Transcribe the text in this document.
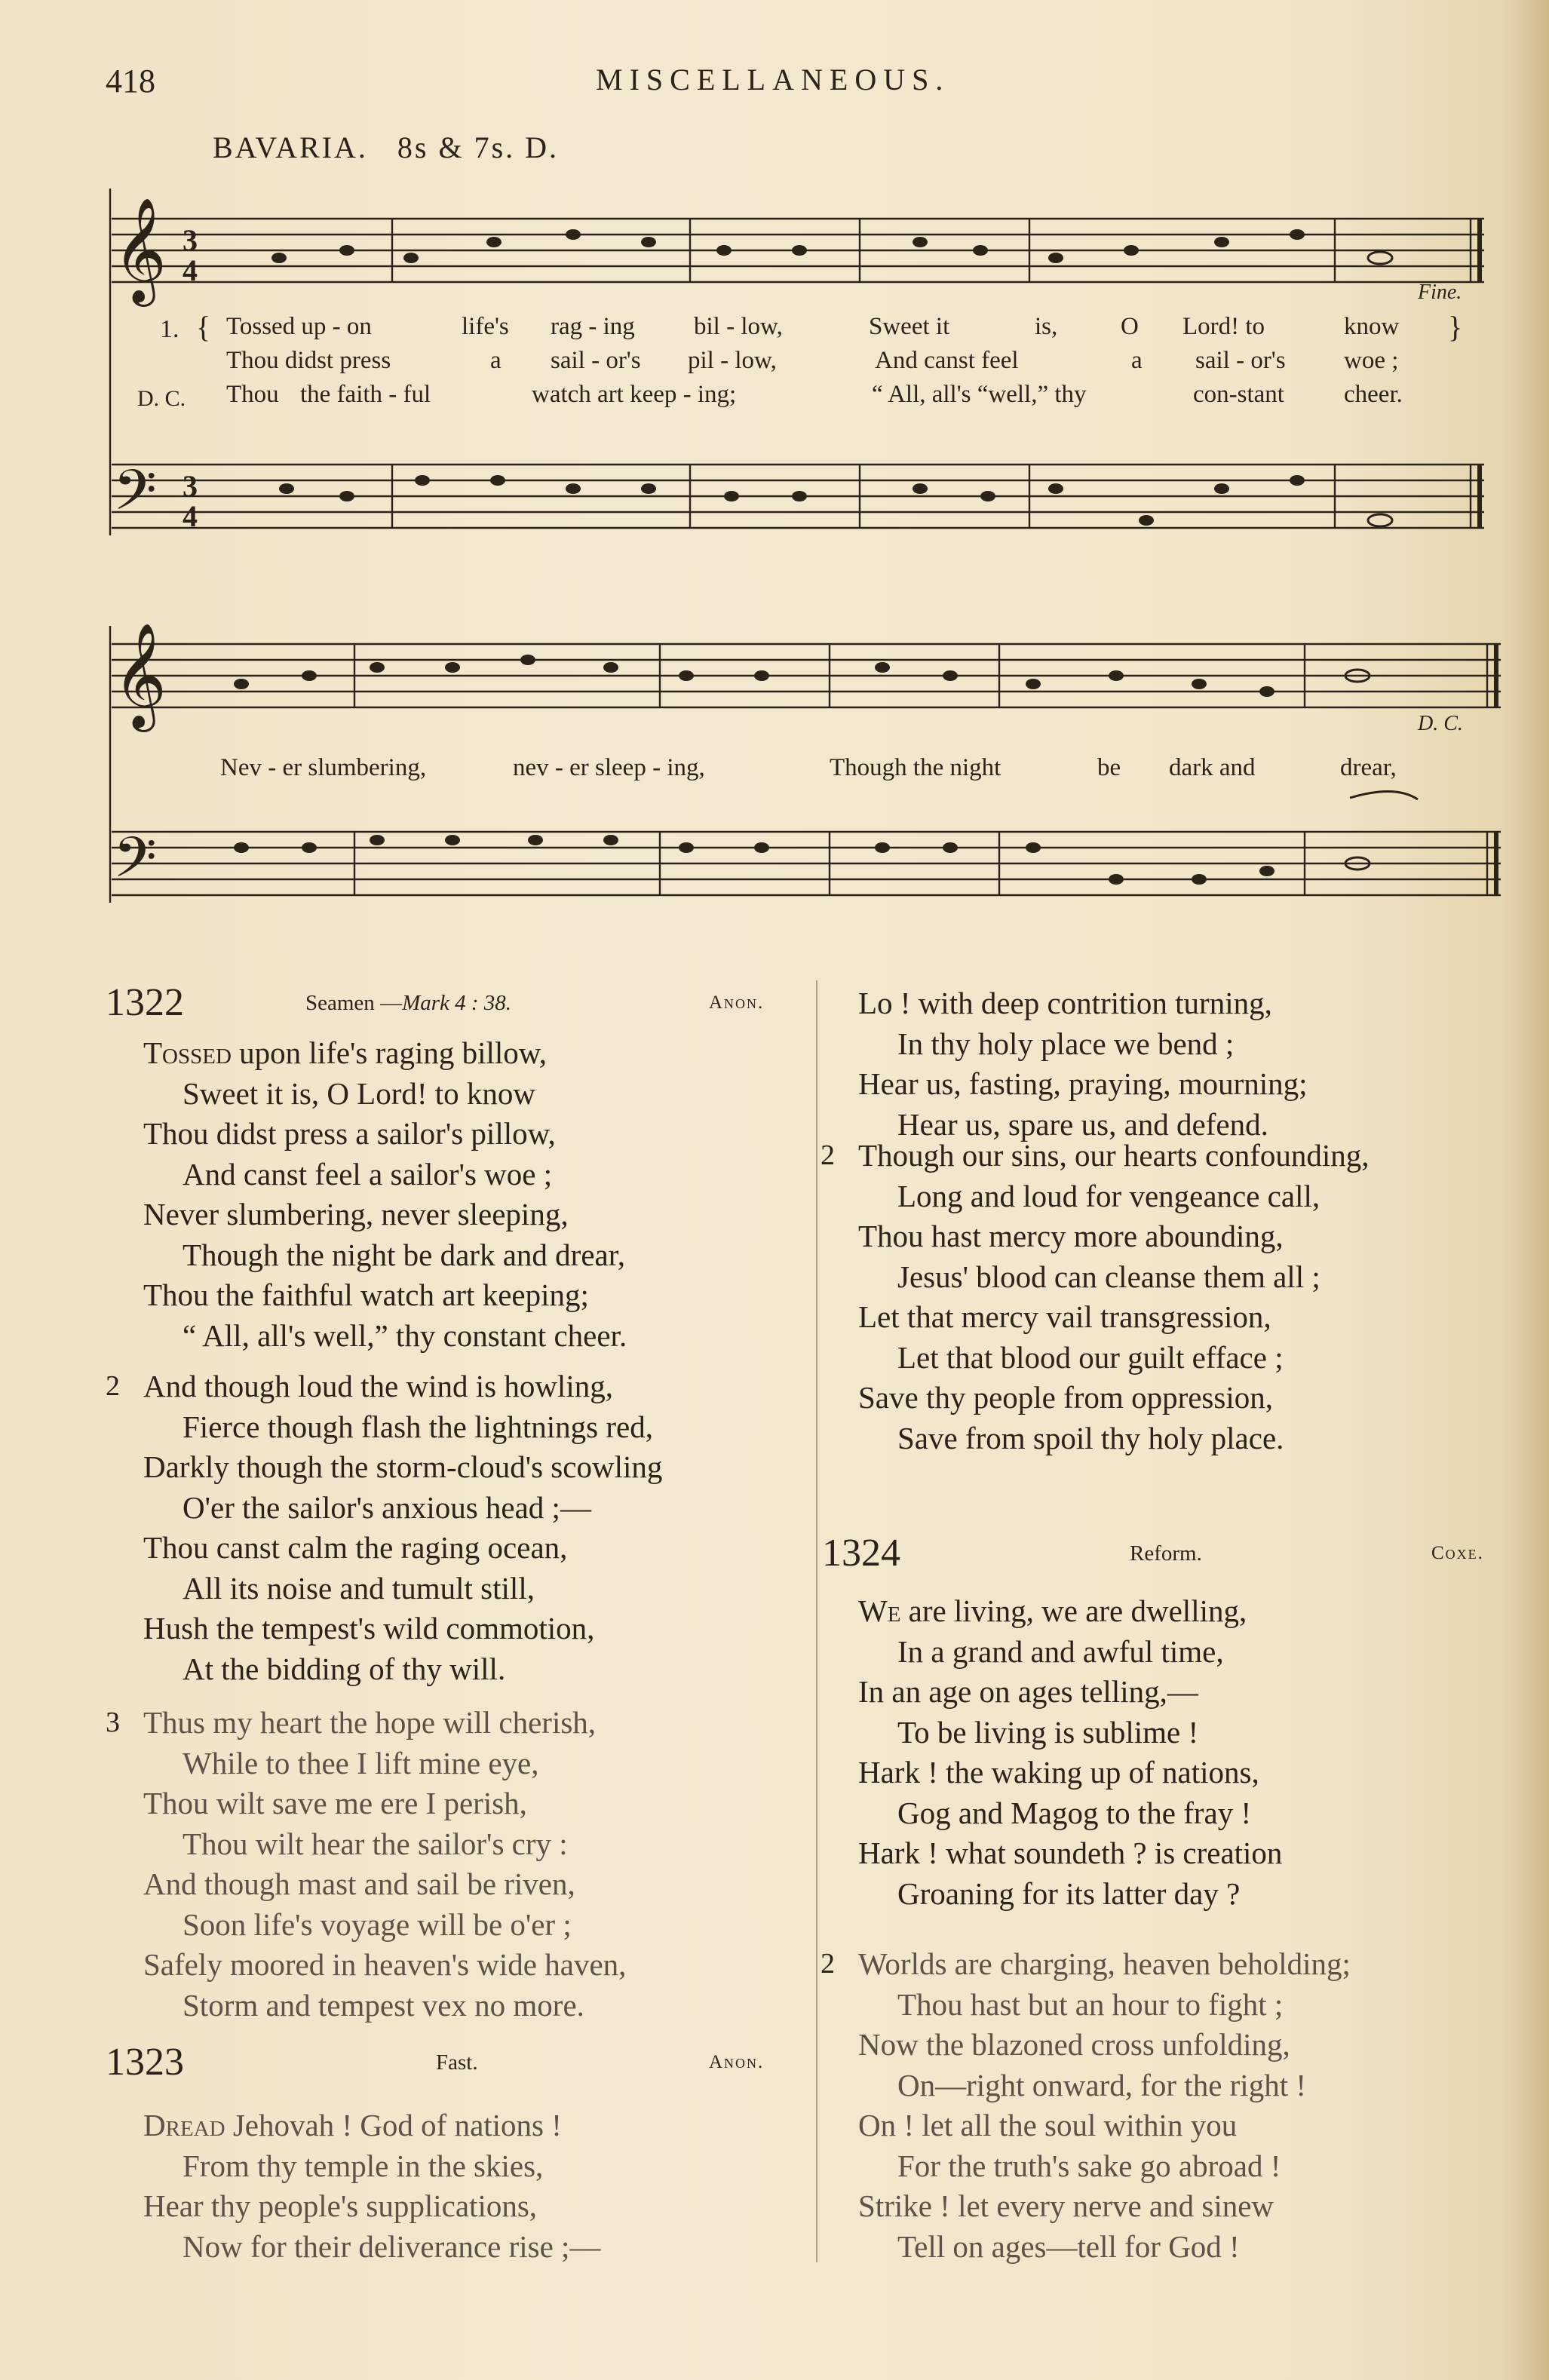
418	MISCELLANEOUS.
BAVARIA. 8s & 7s. D.
𝄞
𝄢
3
4
3
4
𝄞
𝄢
1. {	}
D. C.
Fine.
Tossed up - on	life's rag - ing bil - low,	Sweet it	is,	O Lord! to	know
Thou didst press	a sail - or's pil - low,	And canst feel	a sail - or's woe ;
Thou the faith - ful	watch art keep - ing;	“ All, all's “well,” thy	con-stant cheer.
D. C.
Nev - er slumbering,	nev - er sleep - ing,	Though the night	be dark and	drear,
1322	Seamen —Mark 4 : 38.	Anon.
Tossed upon life's raging billow,
Sweet it is, O Lord! to know
Thou didst press a sailor's pillow,
And canst feel a sailor's woe ;
Never slumbering, never sleeping,
Though the night be dark and drear,
Thou the faithful watch art keeping;
“ All, all's well,” thy constant cheer.
2 And though loud the wind is howling,
Fierce though flash the lightnings red,
Darkly though the storm-cloud's scowling
O'er the sailor's anxious head ;—
Thou canst calm the raging ocean,
All its noise and tumult still,
Hush the tempest's wild commotion,
At the bidding of thy will.
3 Thus my heart the hope will cherish,
While to thee I lift mine eye,
Thou wilt save me ere I perish,
Thou wilt hear the sailor's cry :
And though mast and sail be riven,
Soon life's voyage will be o'er ;
Safely moored in heaven's wide haven,
Storm and tempest vex no more.
1323	Fast.	Anon.
Dread Jehovah ! God of nations !
From thy temple in the skies,
Hear thy people's supplications,
Now for their deliverance rise ;—
Lo ! with deep contrition turning,
In thy holy place we bend ;
Hear us, fasting, praying, mourning;
Hear us, spare us, and defend.
2 Though our sins, our hearts confounding,
Long and loud for vengeance call,
Thou hast mercy more abounding,
Jesus' blood can cleanse them all ;
Let that mercy vail transgression,
Let that blood our guilt efface ;
Save thy people from oppression,
Save from spoil thy holy place.
1324	Reform.	Coxe.
We are living, we are dwelling,
In a grand and awful time,
In an age on ages telling,—
To be living is sublime !
Hark ! the waking up of nations,
Gog and Magog to the fray !
Hark ! what soundeth ? is creation
Groaning for its latter day ?
2 Worlds are charging, heaven beholding;
Thou hast but an hour to fight ;
Now the blazoned cross unfolding,
On—right onward, for the right !
On ! let all the soul within you
For the truth's sake go abroad !
Strike ! let every nerve and sinew
Tell on ages—tell for God !
